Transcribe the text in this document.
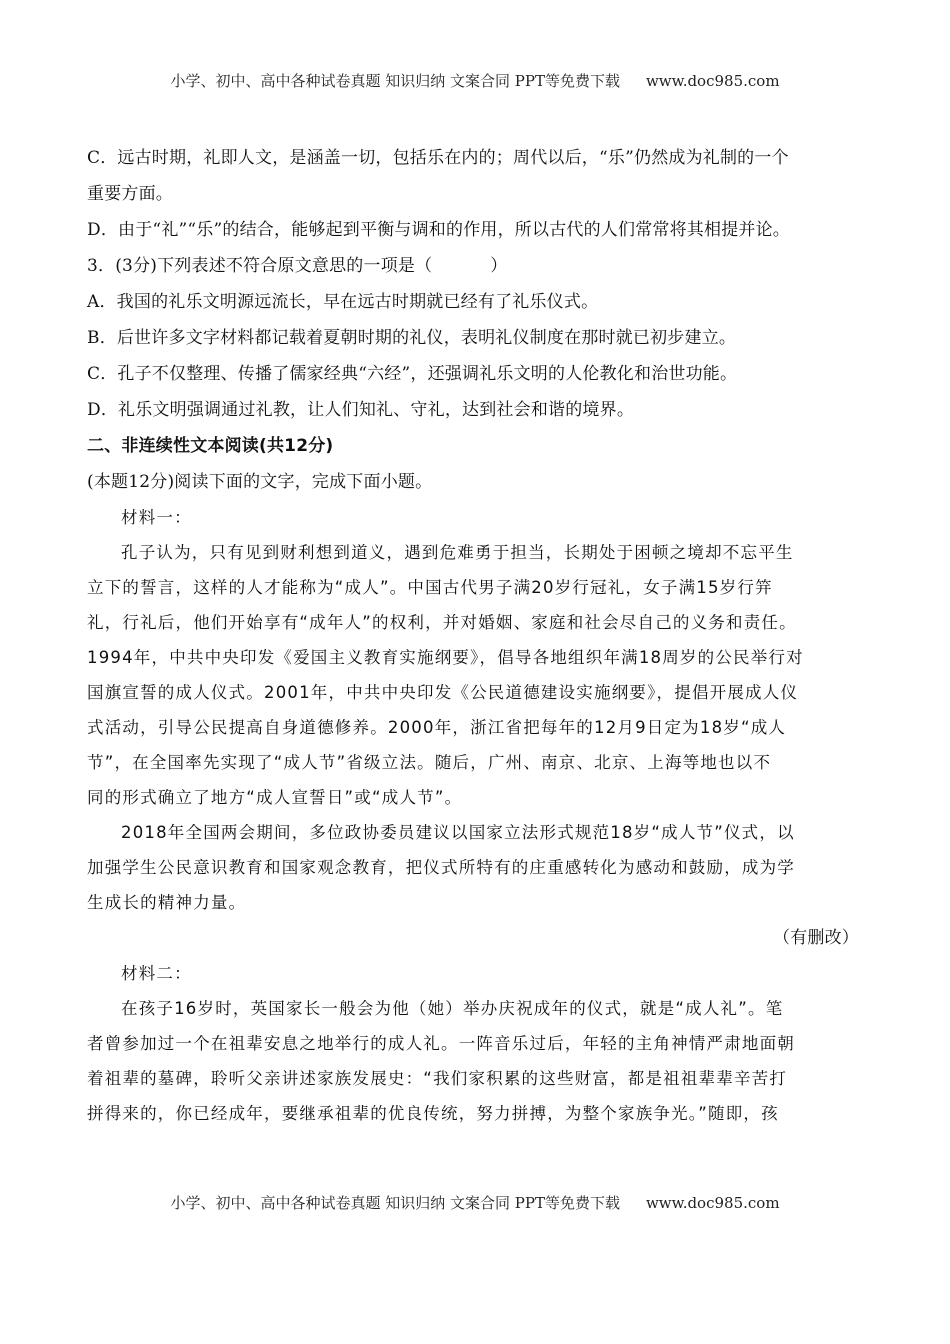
小学、初中、高中各种试卷真题 知识归纳 文案合同 PPT等免费下载 www.doc985.com
C．远古时期，礼即人文，是涵盖一切，包括乐在内的；周代以后，“乐”仍然成为礼制的一个
重要方面。
D．由于“礼”“乐”的结合，能够起到平衡与调和的作用，所以古代的人们常常将其相提并论。
3．(3分)下列表述不符合原文意思的一项是（	）
A．我国的礼乐文明源远流长，早在远古时期就已经有了礼乐仪式。
B．后世许多文字材料都记载着夏朝时期的礼仪，表明礼仪制度在那时就已初步建立。
C．孔子不仅整理、传播了儒家经典“六经”，还强调礼乐文明的人伦教化和治世功能。
D．礼乐文明强调通过礼教，让人们知礼、守礼，达到社会和谐的境界。
二、非连续性文本阅读(共12分)
(本题12分)阅读下面的文字，完成下面小题。
材料一：
孔子认为，只有见到财利想到道义，遇到危难勇于担当，长期处于困顿之境却不忘平生
立下的誓言，这样的人才能称为“成人”。中国古代男子满20岁行冠礼，女子满15岁行笄
礼，行礼后，他们开始享有“成年人”的权利，并对婚姻、家庭和社会尽自己的义务和责任。
1994年，中共中央印发《爱国主义教育实施纲要》，倡导各地组织年满18周岁的公民举行对
国旗宣誓的成人仪式。2001年，中共中央印发《公民道德建设实施纲要》，提倡开展成人仪
式活动，引导公民提高自身道德修养。2000年，浙江省把每年的12月9日定为18岁“成人
节”，在全国率先实现了“成人节”省级立法。随后，广州、南京、北京、上海等地也以不
同的形式确立了地方“成人宣誓日”或“成人节”。
2018年全国两会期间，多位政协委员建议以国家立法形式规范18岁“成人节”仪式，以
加强学生公民意识教育和国家观念教育，把仪式所特有的庄重感转化为感动和鼓励，成为学
生成长的精神力量。
（有删改）
材料二：
在孩子16岁时，英国家长一般会为他（她）举办庆祝成年的仪式，就是“成人礼”。笔
者曾参加过一个在祖辈安息之地举行的成人礼。一阵音乐过后，年轻的主角神情严肃地面朝
着祖辈的墓碑，聆听父亲讲述家族发展史：“我们家积累的这些财富，都是祖祖辈辈辛苦打
拼得来的，你已经成年，要继承祖辈的优良传统，努力拼搏，为整个家族争光。”随即，孩
小学、初中、高中各种试卷真题 知识归纳 文案合同 PPT等免费下载 www.doc985.com
